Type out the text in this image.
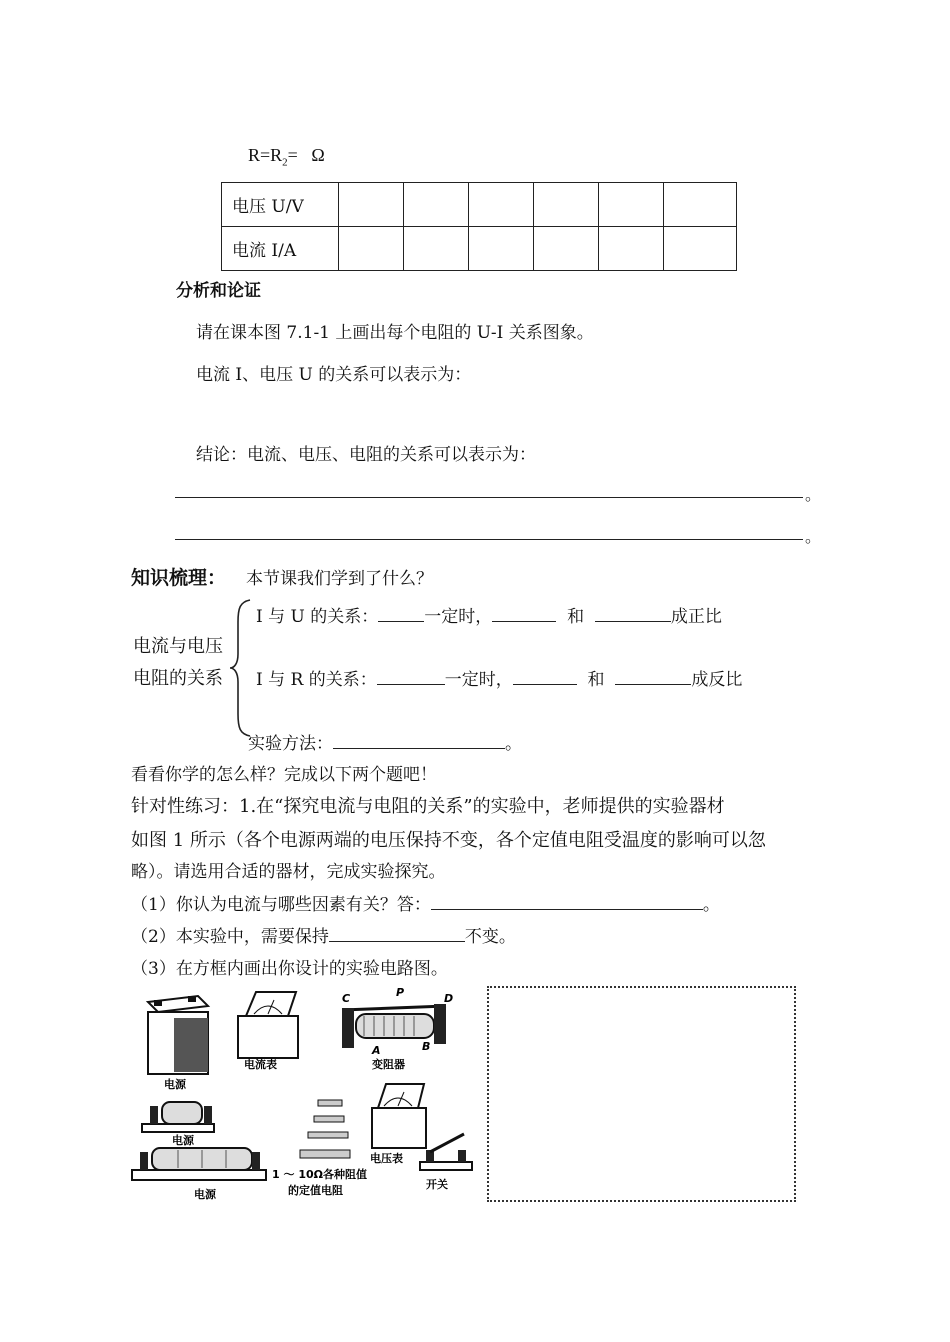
$R=R_2= \Omega$
电压 U/V						
电流 I/A						
分析和论证
请在课本图 7.1-1 上画出每个电阻的 U-I 关系图象。
电流 I、电压 U 的关系可以表示为：
结论：电流、电压、电阻的关系可以表示为：
。
。
知识梳理： 本节课我们学到了什么？
电流与电压
电阻的关系
I 与 U 的关系：	一定时，	和	成正比
I 与 R 的关系：	一定时，	和	成反比
实验方法：	。
看看你学的怎么样？完成以下两个题吧！
针对性练习：1.在“探究电流与电阻的关系”的实验中，老师提供的实验器材
如图 1 所示（各个电源两端的电压保持不变，各个定值电阻受温度的影响可以忽
略）。请选用合适的器材，完成实验探究。
（1）你认为电流与哪些因素有关？答：	。
（2）本实验中，需要保持	不变。
（3）在方框内画出你设计的实验电路图。
电源
电流表
C	P	D
A	B
变阻器
电源
电源
1 ～ 10Ω各种阻值
的定值电阻
电压表
开关
